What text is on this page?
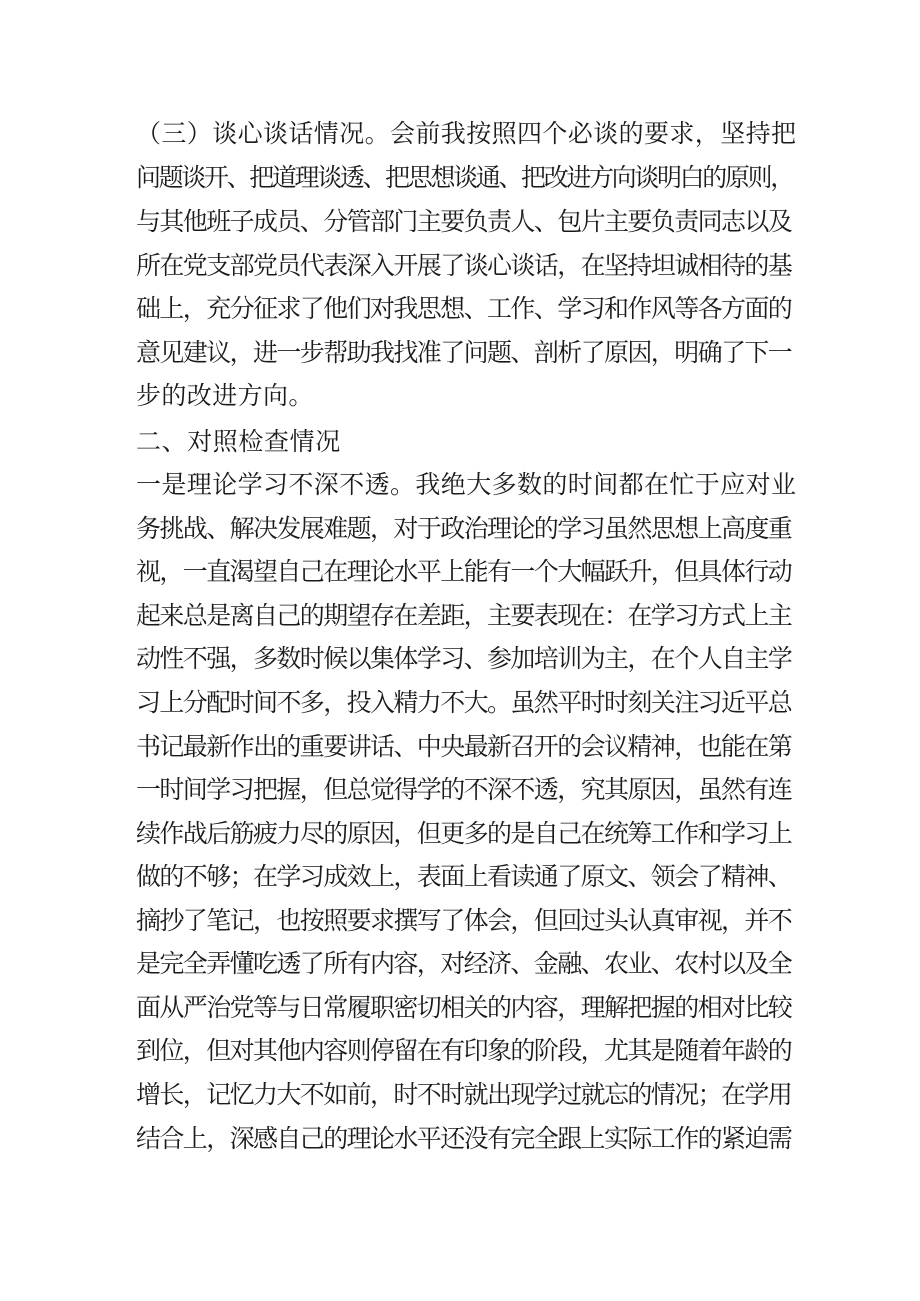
（三）谈心谈话情况。会前我按照四个必谈的要求，坚持把
问题谈开、把道理谈透、把思想谈通、把改进方向谈明白的原则，
与其他班子成员、分管部门主要负责人、包片主要负责同志以及
所在党支部党员代表深入开展了谈心谈话，在坚持坦诚相待的基
础上，充分征求了他们对我思想、工作、学习和作风等各方面的
意见建议，进一步帮助我找准了问题、剖析了原因，明确了下一
步的改进方向。
二、对照检查情况
一是理论学习不深不透。我绝大多数的时间都在忙于应对业
务挑战、解决发展难题，对于政治理论的学习虽然思想上高度重
视，一直渴望自己在理论水平上能有一个大幅跃升，但具体行动
起来总是离自己的期望存在差距，主要表现在：在学习方式上主
动性不强，多数时候以集体学习、参加培训为主，在个人自主学
习上分配时间不多，投入精力不大。虽然平时时刻关注习近平总
书记最新作出的重要讲话、中央最新召开的会议精神，也能在第
一时间学习把握，但总觉得学的不深不透，究其原因，虽然有连
续作战后筋疲力尽的原因，但更多的是自己在统筹工作和学习上
做的不够；在学习成效上，表面上看读通了原文、领会了精神、
摘抄了笔记，也按照要求撰写了体会，但回过头认真审视，并不
是完全弄懂吃透了所有内容，对经济、金融、农业、农村以及全
面从严治党等与日常履职密切相关的内容，理解把握的相对比较
到位，但对其他内容则停留在有印象的阶段，尤其是随着年龄的
增长，记忆力大不如前，时不时就出现学过就忘的情况；在学用
结合上，深感自己的理论水平还没有完全跟上实际工作的紧迫需
